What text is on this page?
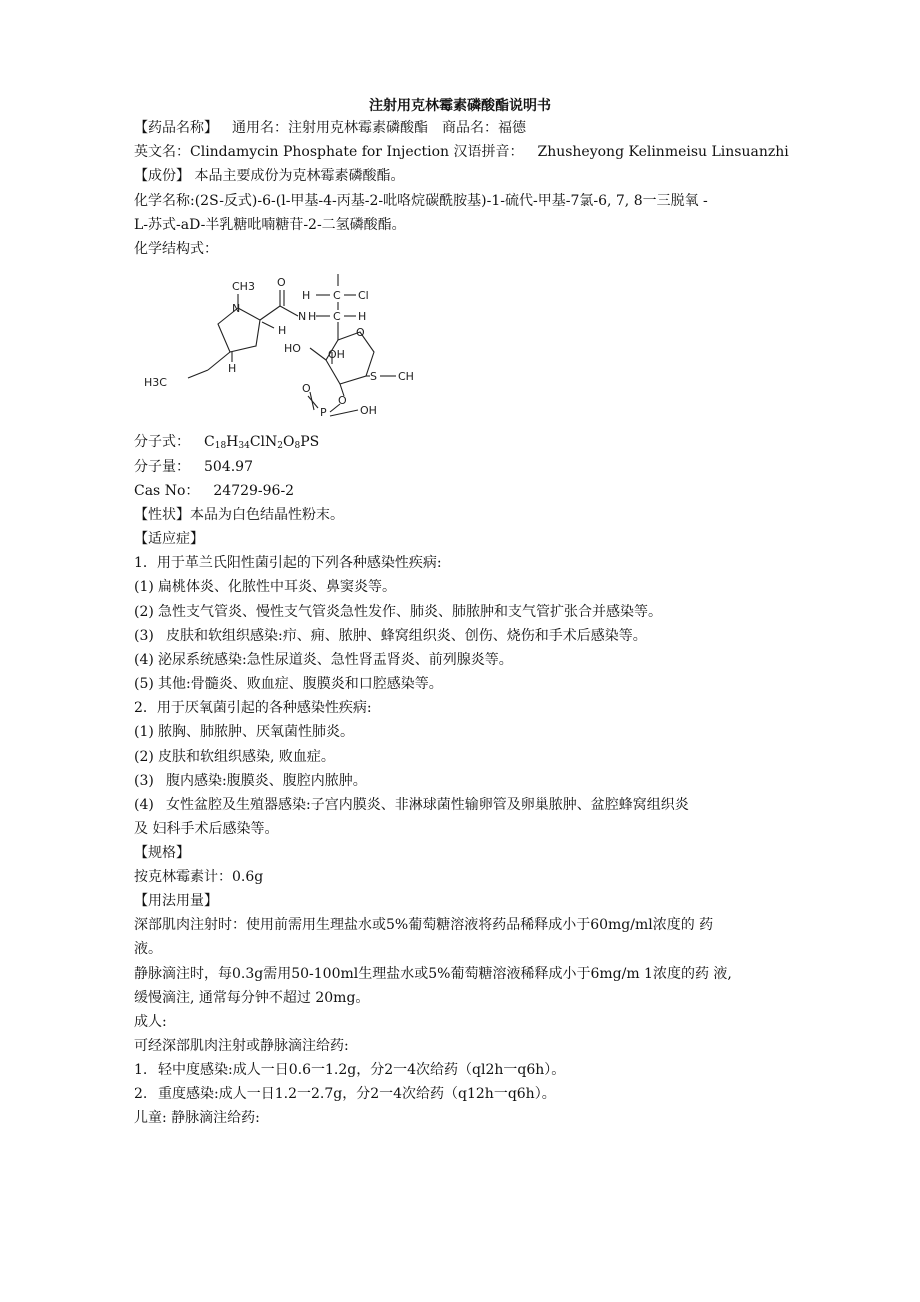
注射用克林霉素磷酸酯说明书
【药品名称】 通用名：注射用克林霉素磷酸酯 商品名：福德
英文名：Clindamycin Phosphate for Injection 汉语拼音： Zhusheyong Kelinmeisu Linsuanzhi
【成份】 本品主要成份为克林霉素磷酸酯。
化学名称:(2S-反式)-6-(l-甲基-4-丙基-2-吡咯烷碳酰胺基)-1-硫代-甲基-7氯-6, 7, 8一三脱氧 -
L-苏式-aD-半乳糖吡喃糖苷-2-二氢磷酸酯。
化学结构式：
CH3
N
O
H C Cl
N H C H
H
H
O
HO OH
S CH
H3C
O
O
P	OH
分子式： $C_{18}H_{34}ClN_2O_8PS$
分子量： 504.97
Cas No： 24729-96-2
【性状】本品为白色结晶性粉末。
【适应症】
1．用于革兰氏阳性菌引起的下列各种感染性疾病:
(1) 扁桃体炎、化脓性中耳炎、鼻窦炎等。
(2) 急性支气管炎、慢性支气管炎急性发作、肺炎、肺脓肿和支气管扩张合并感染等。
(3) 皮肤和软组织感染:疖、痈、脓肿、蜂窝组织炎、创伤、烧伤和手术后感染等。
(4) 泌尿系统感染:急性尿道炎、急性肾盂肾炎、前列腺炎等。
(5) 其他:骨髓炎、败血症、腹膜炎和口腔感染等。
2．用于厌氧菌引起的各种感染性疾病:
(1) 脓胸、肺脓肿、厌氧菌性肺炎。
(2) 皮肤和软组织感染, 败血症。
(3) 腹内感染:腹膜炎、腹腔内脓肿。
(4) 女性盆腔及生殖器感染:子宫内膜炎、非淋球菌性输卵管及卵巢脓肿、盆腔蜂窝组织炎
及 妇科手术后感染等。
【规格】
按克林霉素计：0.6g
【用法用量】
深部肌肉注射时：使用前需用生理盐水或5%葡萄糖溶液将药品稀释成小于60mg/ml浓度的 药
液。
静脉滴注时，每0.3g需用50-100ml生理盐水或5%葡萄糖溶液稀释成小于6mg/m 1浓度的药 液,
缓慢滴注, 通常每分钟不超过 20mg。
成人:
可经深部肌肉注射或静脉滴注给药:
1. 轻中度感染:成人一日0.6一1.2g，分2一4次给药（ql2h一q6h）。
2. 重度感染:成人一日1.2一2.7g，分2一4次给药（q12h一q6h）。
儿童: 静脉滴注给药:
